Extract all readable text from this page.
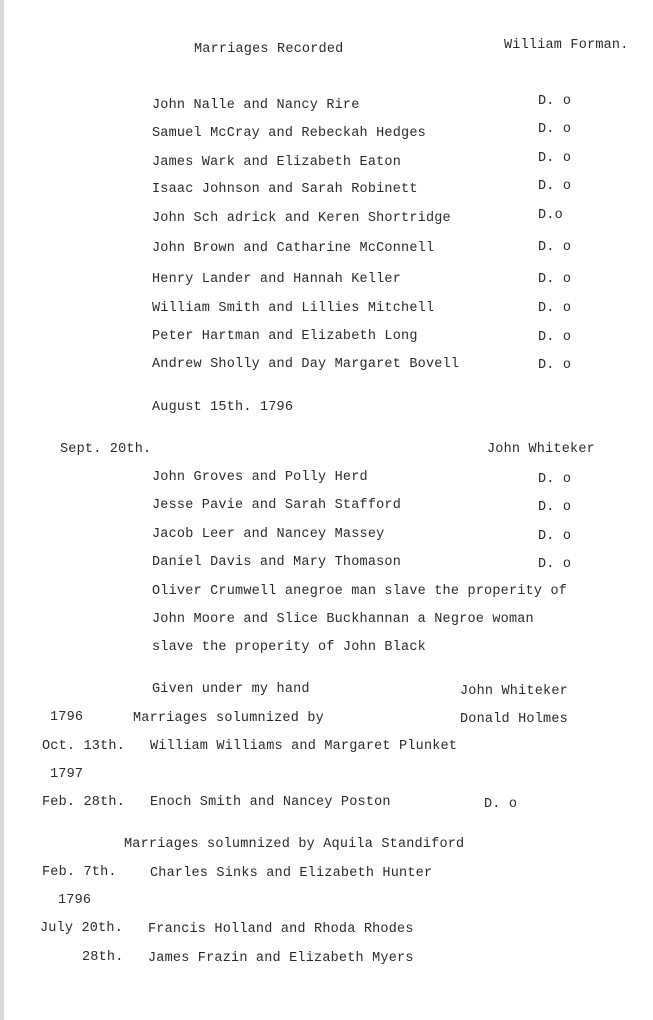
Marriages Recorded	William Forman.
John Nalle and Nancy Rire	D. o
Samuel McCray and Rebeckah Hedges	D. o
James Wark and Elizabeth Eaton	D. o
Isaac Johnson and Sarah Robinett	D. o
John Sch adrick and Keren Shortridge	D.o
John Brown and Catharine McConnell	D. o
Henry Lander and Hannah Keller	D. o
William Smith and Lillies Mitchell	D. o
Peter Hartman and Elizabeth Long	D. o
Andrew Sholly and Day Margaret Bovell	D. o
August 15th. 1796
Sept. 20th.	John Whiteker
John Groves and Polly Herd	D. o
Jesse Pavie and Sarah Stafford	D. o
Jacob Leer and Nancey Massey	D. o
Daniel Davis and Mary Thomason	D. o
Oliver Crumwell anegroe man slave the properity of
John Moore and Slice Buckhannan a Negroe woman
slave the properity of John Black
Given under my hand	John Whiteker
1796	Marriages solumnized by	Donald Holmes
Oct. 13th. William Williams and Margaret Plunket
1797
Feb. 28th. Enoch Smith and Nancey Poston	D. o
Marriages solumnized by Aquila Standiford
Feb. 7th. Charles Sinks and Elizabeth Hunter
1796
July 20th. Francis Holland and Rhoda Rhodes
28th. James Frazin and Elizabeth Myers
